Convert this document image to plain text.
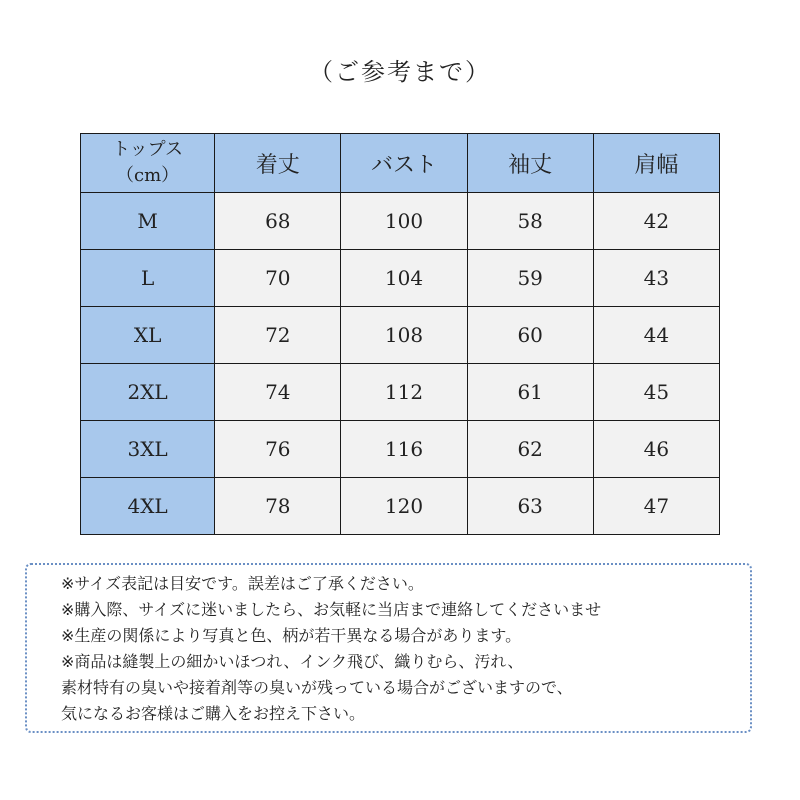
（ご参考まで）
トップス
（cm）	着丈	バスト	袖丈	肩幅
M	68	100	58	42
L	70	104	59	43
XL	72	108	60	44
2XL	74	112	61	45
3XL	76	116	62	46
4XL	78	120	63	47
※サイズ表記は目安です。誤差はご了承ください。
※購入際、サイズに迷いましたら、お気軽に当店まで連絡してくださいませ
※生産の関係により写真と色、柄が若干異なる場合があります。
※商品は縫製上の細かいほつれ、インク飛び、織りむら、汚れ、
素材特有の臭いや接着剤等の臭いが残っている場合がございますので、
気になるお客様はご購入をお控え下さい。
